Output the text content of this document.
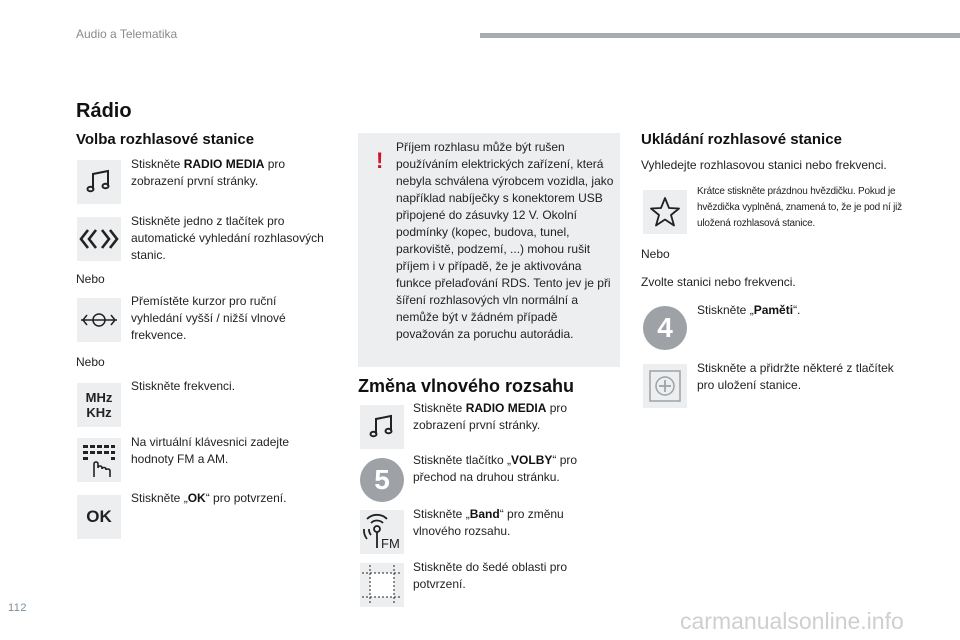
Audio a Telematika
Rádio
Volba rozhlasové stanice
Stiskněte RADIO MEDIA pro zobrazení první stránky.
Stiskněte jedno z tlačítek pro automatické vyhledání rozhlasových stanic.
Nebo
Přemístěte kurzor pro ruční vyhledání vyšší / nižší vlnové frekvence.
Nebo
MHz
KHz
Stiskněte frekvenci.
Na virtuální klávesnici zadejte hodnoty FM a AM.
OK
Stiskněte „OK“ pro potvrzení.
!
Příjem rozhlasu může být rušen používáním elektrických zařízení, která nebyla schválena výrobcem vozidla, jako například nabíječky s konektorem USB připojené do zásuvky 12 V. Okolní podmínky (kopec, budova, tunel, parkoviště, podzemí, ...) mohou rušit příjem i v případě, že je aktivována funkce přelaďování RDS. Tento jev je při šíření rozhlasových vln normální a nemůže být v žádném případě považován za poruchu autorádia.
Změna vlnového rozsahu
Stiskněte RADIO MEDIA pro zobrazení první stránky.
5
Stiskněte tlačítko „VOLBY“ pro přechod na druhou stránku.
FM
Stiskněte „Band“ pro změnu vlnového rozsahu.
Stiskněte do šedé oblasti pro potvrzení.
Ukládání rozhlasové stanice
Vyhledejte rozhlasovou stanici nebo frekvenci.
Krátce stiskněte prázdnou hvězdičku. Pokud je hvězdička vyplněná, znamená to, že je pod ní již uložená rozhlasová stanice.
Nebo
Zvolte stanici nebo frekvenci.
4
Stiskněte „Paměti“.
Stiskněte a přidržte některé z tlačítek pro uložení stanice.
112	carmanualsonline.info
